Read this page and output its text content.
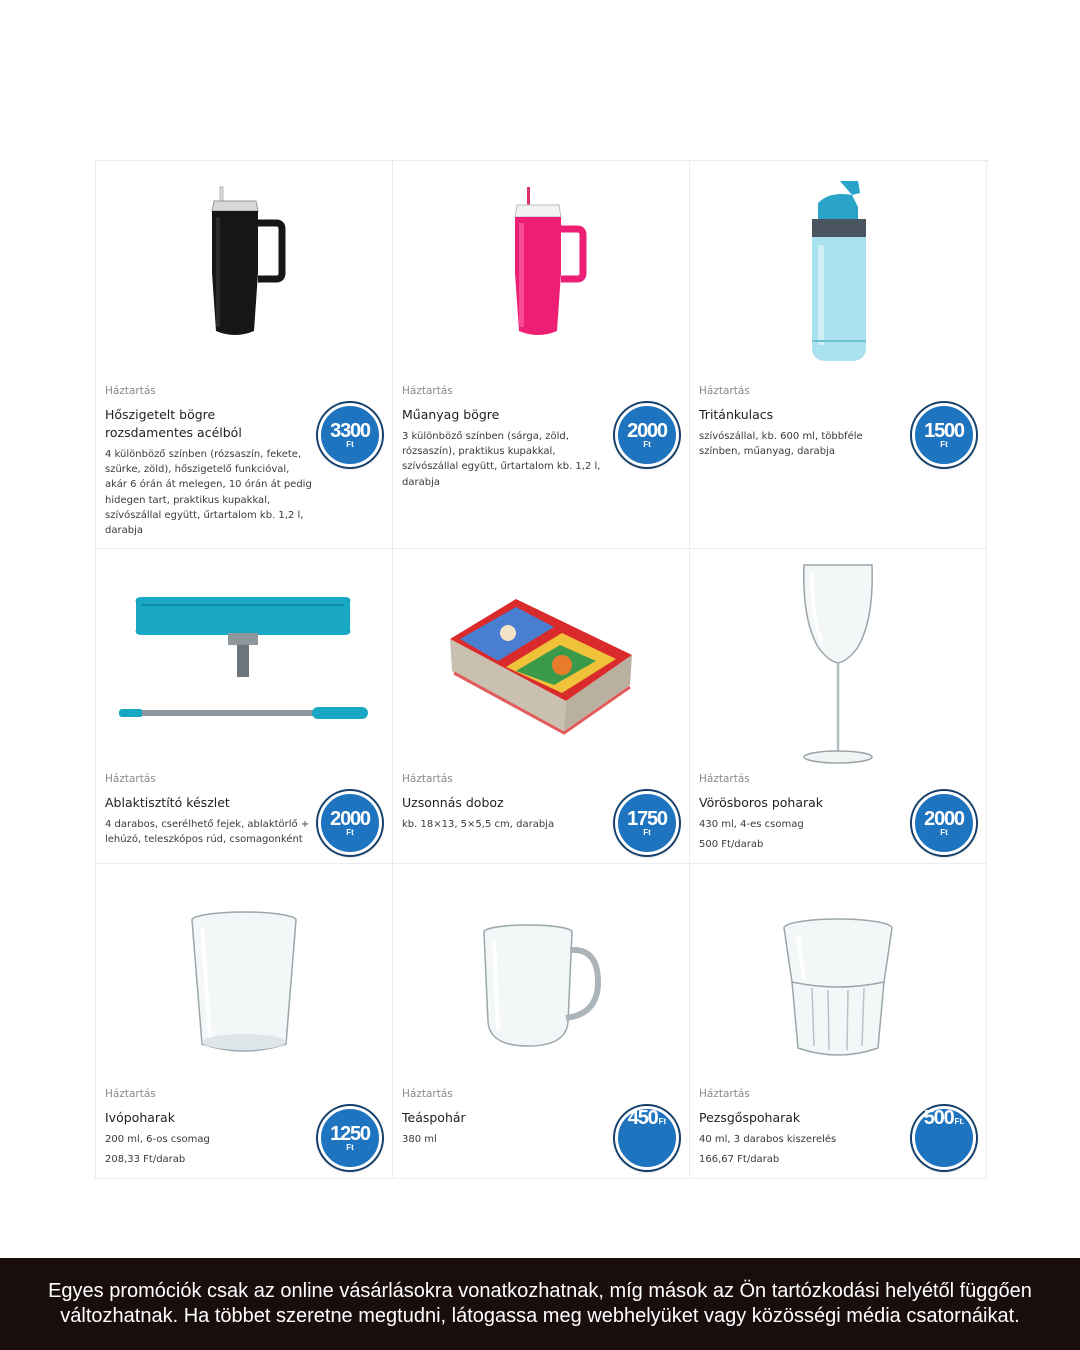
Háztartás
Hőszigetelt bögre rozsdamentes acélból
4 különböző színben (rózsaszín, fekete, szürke, zöld), hőszigetelő funkcióval, akár 6 órán át melegen, 10 órán át pedig hidegen tart, praktikus kupakkal, szívószállal együtt, űrtartalom kb. 1,2 l, darabja
3300
Ft
Háztartás
Műanyag bögre
3 különböző színben (sárga, zöld, rózsaszín), praktikus kupakkal, szívószállal együtt, űrtartalom kb. 1,2 l, darabja
2000
Ft
Háztartás
Tritánkulacs
szívószállal, kb. 600 ml, többféle színben, műanyag, darabja
1500
Ft
Háztartás
Ablaktisztító készlet
4 darabos, cserélhető fejek, ablaktörlő + lehúzó, teleszkópos rúd, csomagonként
2000
Ft
Háztartás
Uzsonnás doboz
kb. 18×13, 5×5,5 cm, darabja	1750
Ft
Háztartás
Vörösboros poharak
430 ml, 4-es csomag
500 Ft/darab
2000
Ft
Háztartás
Ivópoharak
200 ml, 6-os csomag
208,33 Ft/darab
1250
Ft
Háztartás
Teáspohár
380 ml
450 Ft
Háztartás
Pezsgőspoharak
40 ml, 3 darabos kiszerelés
166,67 Ft/darab
500 Ft.

Egyes promóciók csak az online vásárlásokra vonatkozhatnak, míg mások az Ön tartózkodási helyétől függően változhatnak. Ha többet szeretne megtudni, látogassa meg webhelyüket vagy közösségi média csatornáikat.
